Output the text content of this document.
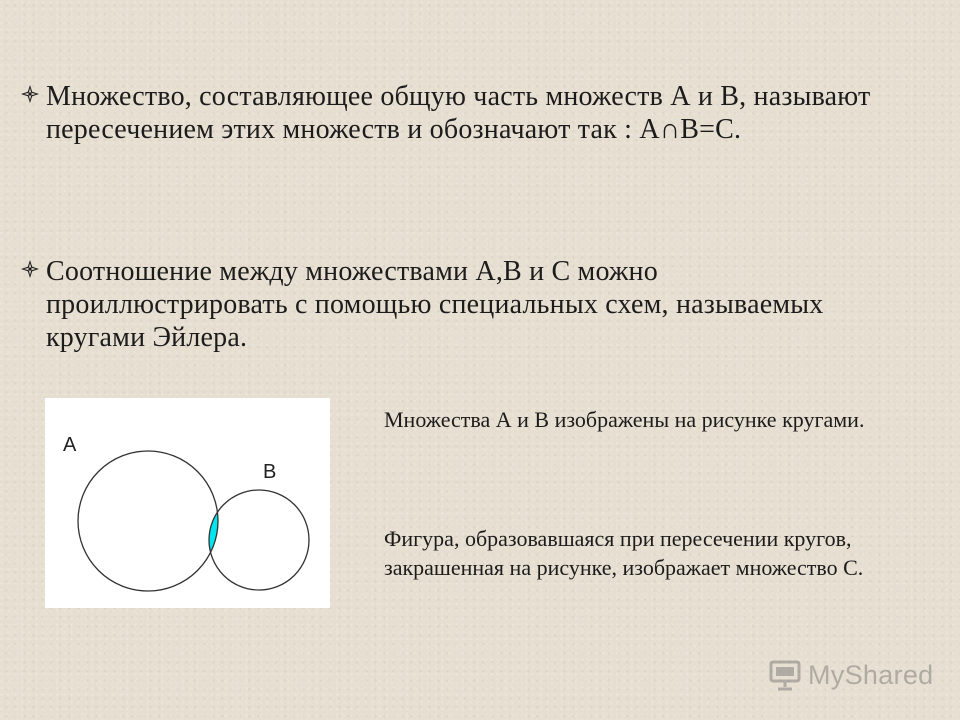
Множество, составляющее общую часть множеств А и В, называют пересечением этих множеств и обозначают так : А∩В=С.
Соотношение между множествами А,В и С можно проиллюстрировать с помощью специальных схем, называемых кругами Эйлера.
A
B
Множества А и В изображены на рисунке кругами.
Фигура, образовавшаяся при пересечении кругов, закрашенная на рисунке, изображает множество С.
MyShared
